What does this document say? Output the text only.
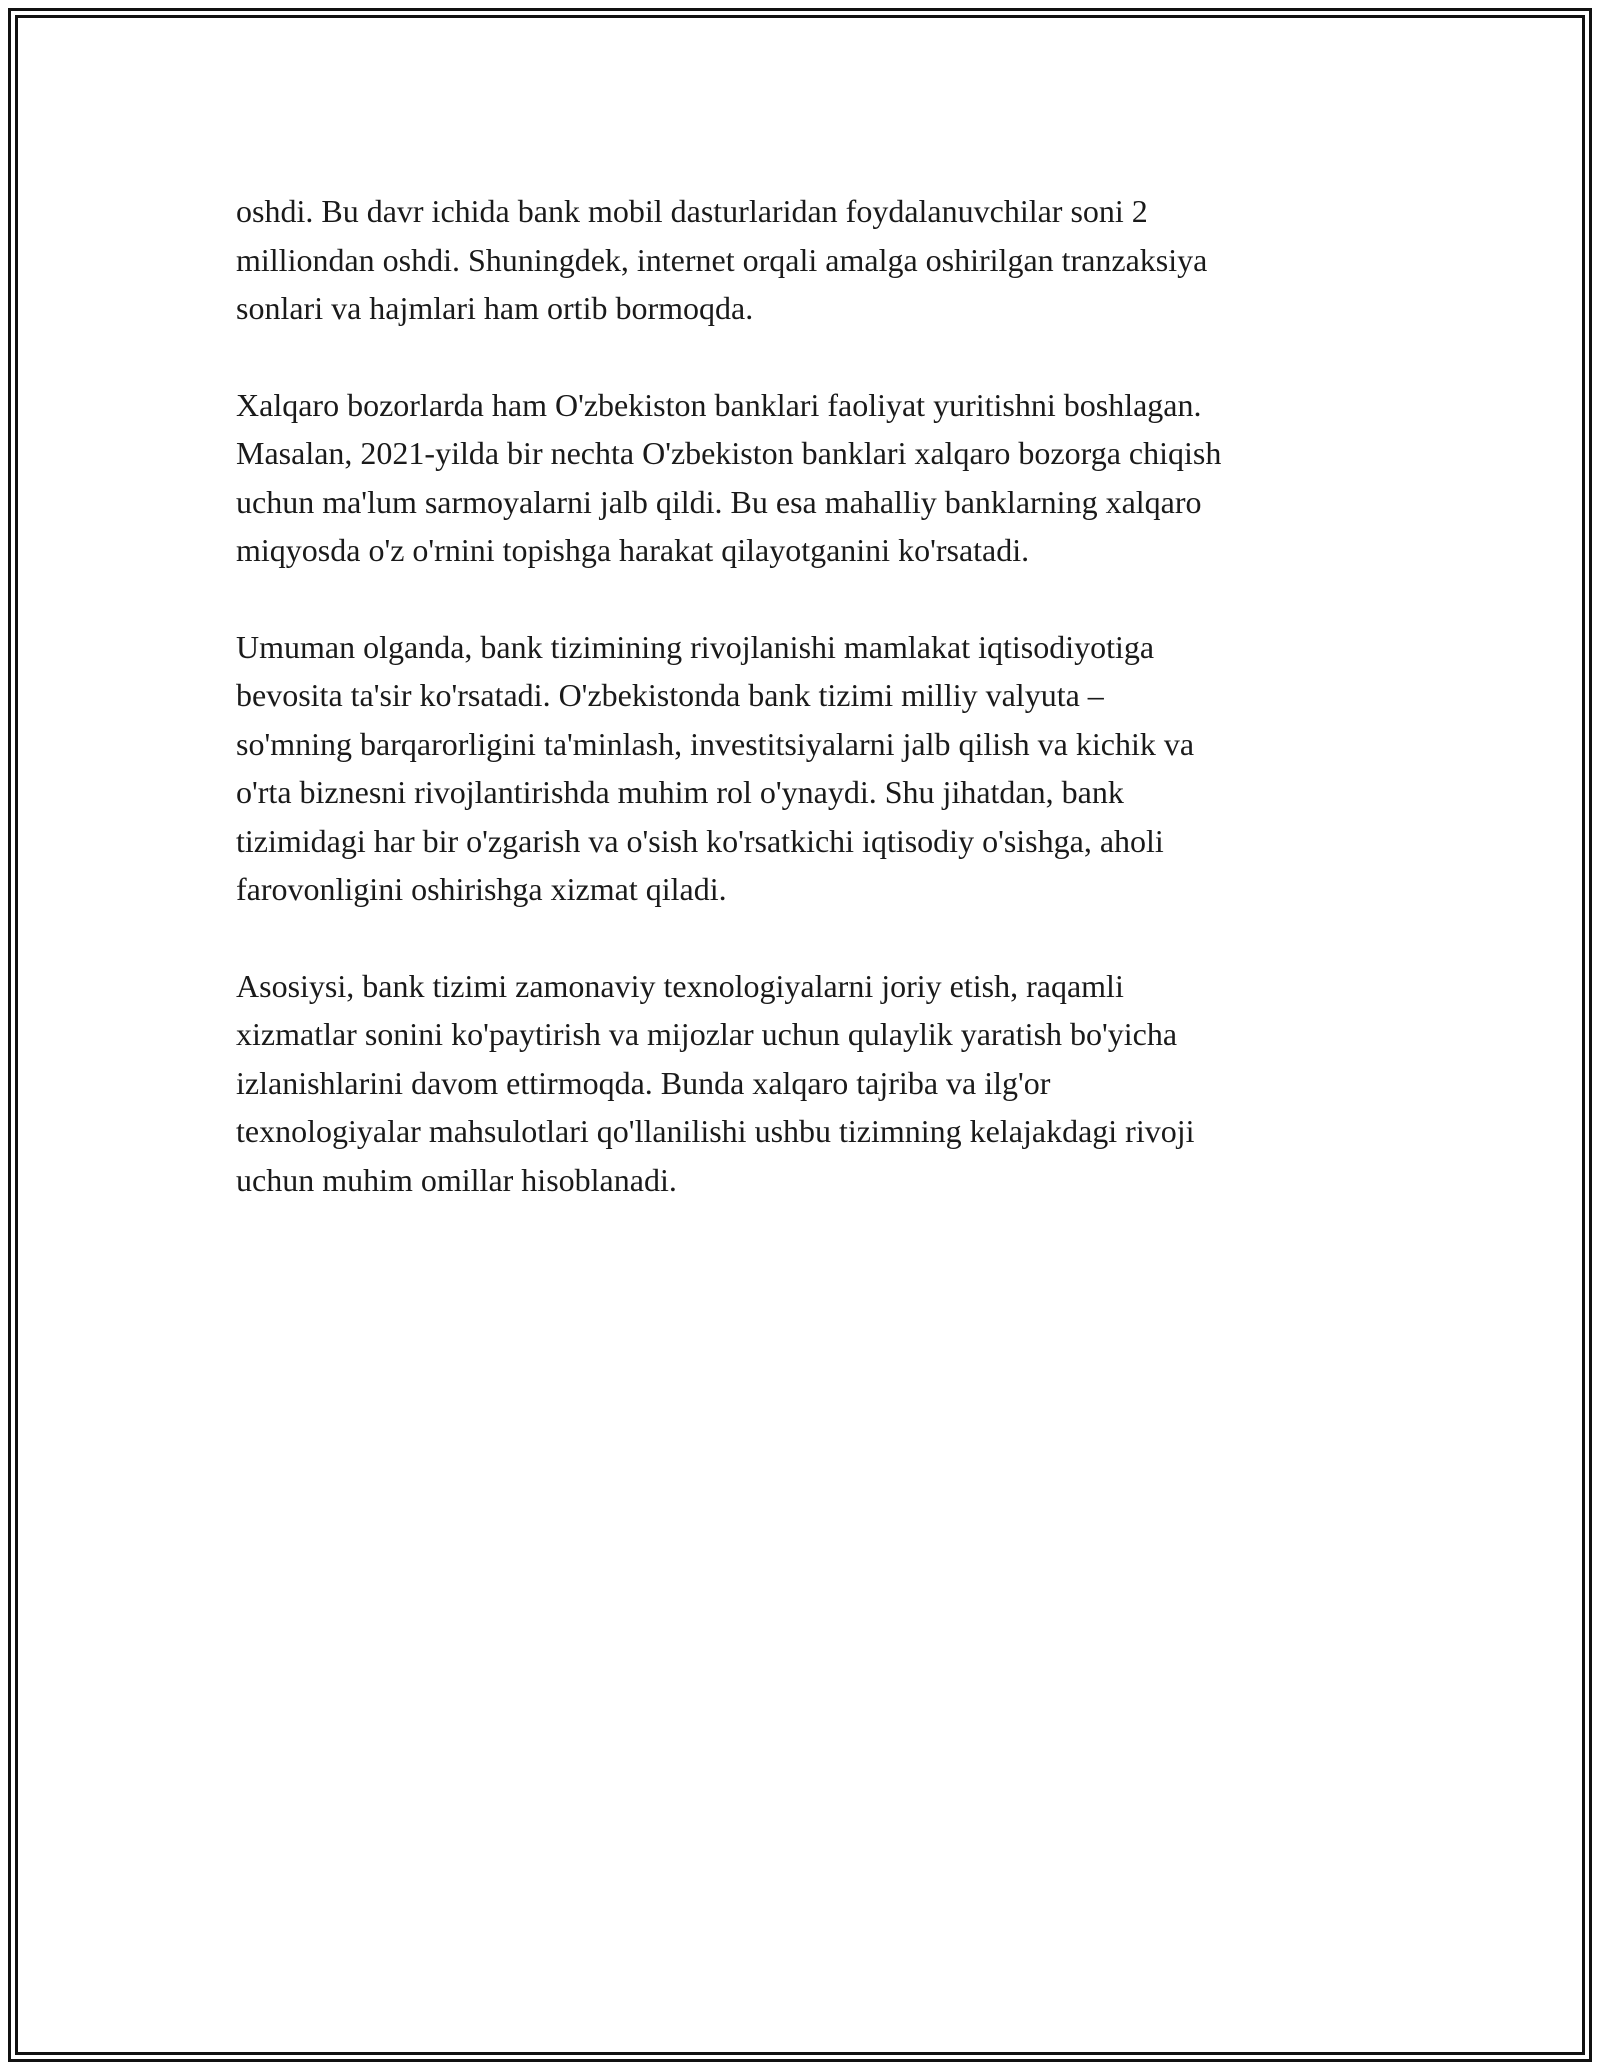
oshdi. Bu davr ichida bank mobil dasturlaridan foydalanuvchilar soni 2
milliondan oshdi. Shuningdek, internet orqali amalga oshirilgan tranzaksiya
sonlari va hajmlari ham ortib bormoqda.

Xalqaro bozorlarda ham O'zbekiston banklari faoliyat yuritishni boshlagan.
Masalan, 2021-yilda bir nechta O'zbekiston banklari xalqaro bozorga chiqish
uchun ma'lum sarmoyalarni jalb qildi. Bu esa mahalliy banklarning xalqaro
miqyosda o'z o'rnini topishga harakat qilayotganini ko'rsatadi.

Umuman olganda, bank tizimining rivojlanishi mamlakat iqtisodiyotiga
bevosita ta'sir ko'rsatadi. O'zbekistonda bank tizimi milliy valyuta –
so'mning barqarorligini ta'minlash, investitsiyalarni jalb qilish va kichik va
o'rta biznesni rivojlantirishda muhim rol o'ynaydi. Shu jihatdan, bank
tizimidagi har bir o'zgarish va o'sish ko'rsatkichi iqtisodiy o'sishga, aholi
farovonligini oshirishga xizmat qiladi.

Asosiysi, bank tizimi zamonaviy texnologiyalarni joriy etish, raqamli
xizmatlar sonini ko'paytirish va mijozlar uchun qulaylik yaratish bo'yicha
izlanishlarini davom ettirmoqda. Bunda xalqaro tajriba va ilg'or
texnologiyalar mahsulotlari qo'llanilishi ushbu tizimning kelajakdagi rivoji
uchun muhim omillar hisoblanadi.
